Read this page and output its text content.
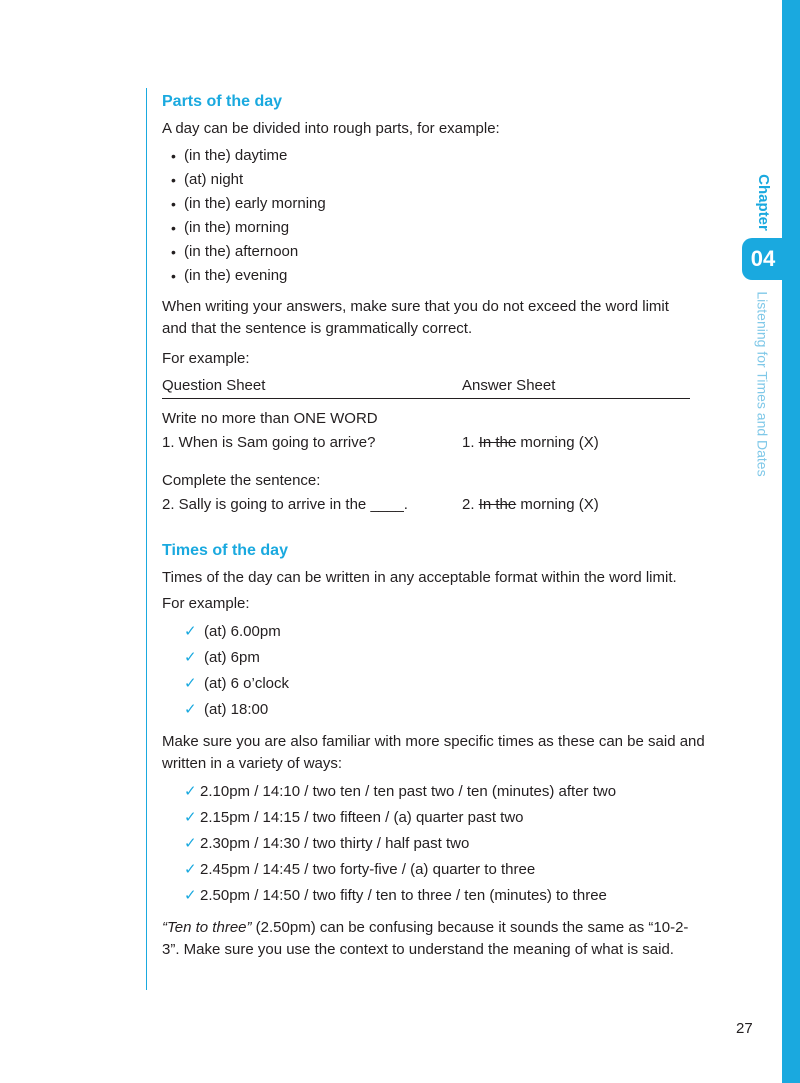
Chapter
04
Listening for Times and Dates
Parts of the day

A day can be divided into rough parts, for example:

• (in the) daytime
• (at) night
• (in the) early morning
• (in the) morning
• (in the) afternoon
• (in the) evening

When writing your answers, make sure that you do not exceed the word limit

and that the sentence is grammatically correct.

For example:

Question Sheet	Answer Sheet
Write no more than ONE WORD
1. When is Sam going to arrive?	1. In the morning (X)
Complete the sentence:
2. Sally is going to arrive in the ____.	2. In the morning (X)
Times of the day

Times of the day can be written in any acceptable format within the word limit.

For example:

✓ (at) 6.00pm
✓ (at) 6pm
✓ (at) 6 o’clock
✓ (at) 18:00

Make sure you are also familiar with more specific times as these can be said and

written in a variety of ways:

✓ 2.10pm / 14:10 / two ten / ten past two / ten (minutes) after two
✓ 2.15pm / 14:15 / two fifteen / (a) quarter past two
✓ 2.30pm / 14:30 / two thirty / half past two
✓ 2.45pm / 14:45 / two forty-five / (a) quarter to three
✓ 2.50pm / 14:50 / two fifty / ten to three / ten (minutes) to three

“Ten to three” (2.50pm) can be confusing because it sounds the same as “10-2-

3”. Make sure you use the context to understand the meaning of what is said.

27
